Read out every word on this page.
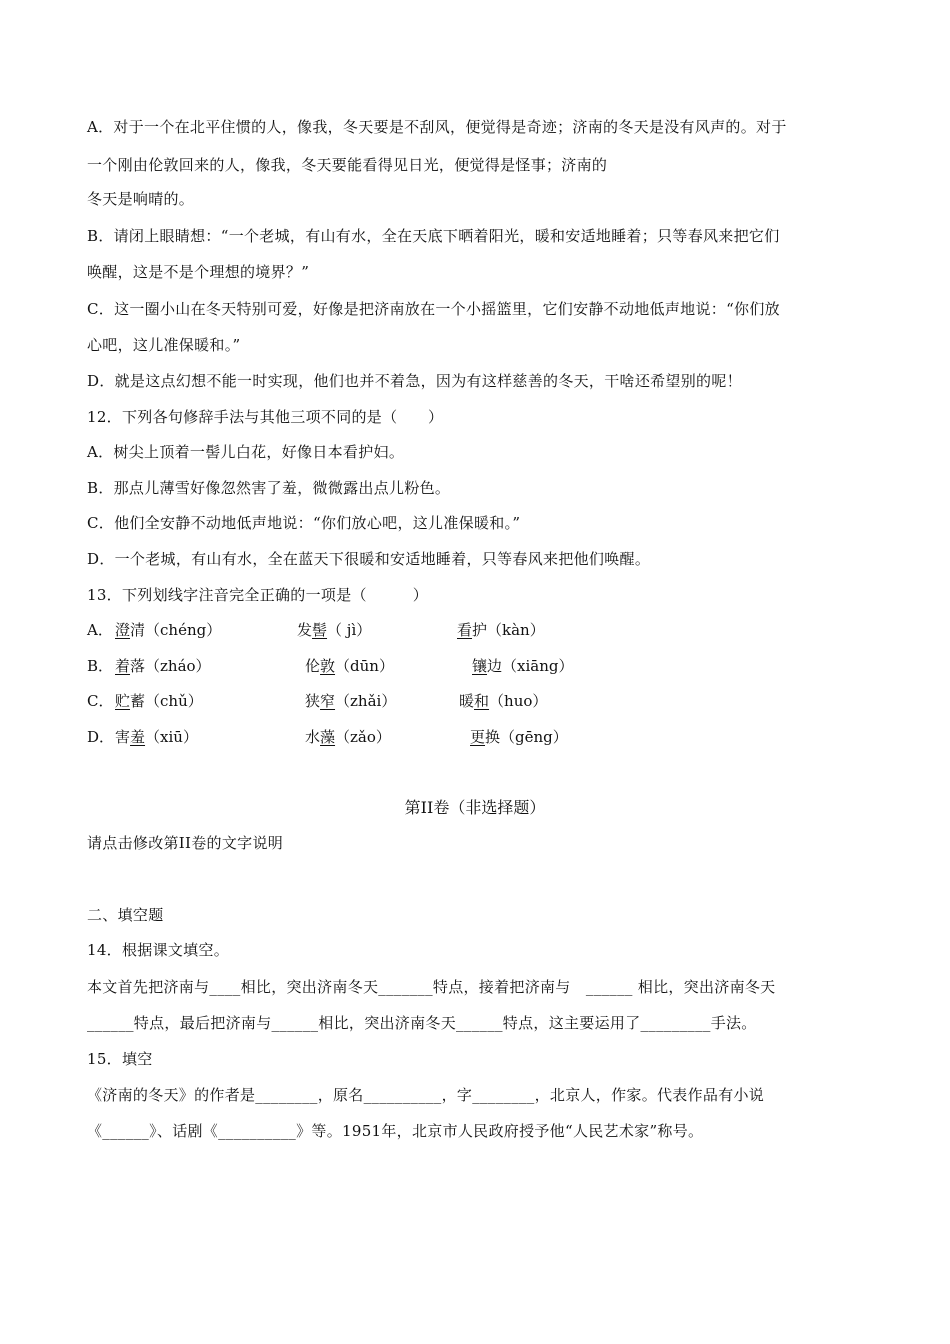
A．对于一个在北平住惯的人，像我，冬天要是不刮风，便觉得是奇迹；济南的冬天是没有风声的。对于
一个刚由伦敦回来的人，像我，冬天要能看得见日光，便觉得是怪事；济南的
冬天是响晴的。
B．请闭上眼睛想：“一个老城，有山有水，全在天底下晒着阳光，暖和安适地睡着；只等春风来把它们
唤醒，这是不是个理想的境界？”
C．这一圈小山在冬天特别可爱，好像是把济南放在一个小摇篮里，它们安静不动地低声地说：“你们放
心吧，这儿准保暖和。”
D．就是这点幻想不能一时实现，他们也并不着急，因为有这样慈善的冬天，干啥还希望别的呢！
12．下列各句修辞手法与其他三项不同的是（　　）
A．树尖上顶着一髻儿白花，好像日本看护妇。
B．那点儿薄雪好像忽然害了羞，微微露出点儿粉色。
C．他们全安静不动地低声地说：“你们放心吧，这儿准保暖和。”
D．一个老城，有山有水，全在蓝天下很暖和安适地睡着，只等春风来把他们唤醒。
13．下列划线字注音完全正确的一项是（　　　）
A． 澄清（chéng）	发髻（ jì）	看护（kàn）
B． 着落（zháo）	伦敦（dūn）	镶边（xiāng）
C． 贮蓄（chǔ）	狭窄（zhǎi）	暖和（huo）
D． 害羞（xiū）	水藻（zǎo）	更换（gēng）
第II卷（非选择题）
请点击修改第II卷的文字说明
二、填空题
14．根据课文填空。
本文首先把济南与____相比，突出济南冬天_______特点，接着把济南与　______ 相比，突出济南冬天
______特点，最后把济南与______相比，突出济南冬天______特点，这主要运用了_________手法。
15．填空
《济南的冬天》的作者是________，原名__________，字________，北京人，作家。代表作品有小说
《______》、话剧《__________》等。1951年，北京市人民政府授予他“人民艺术家”称号。
